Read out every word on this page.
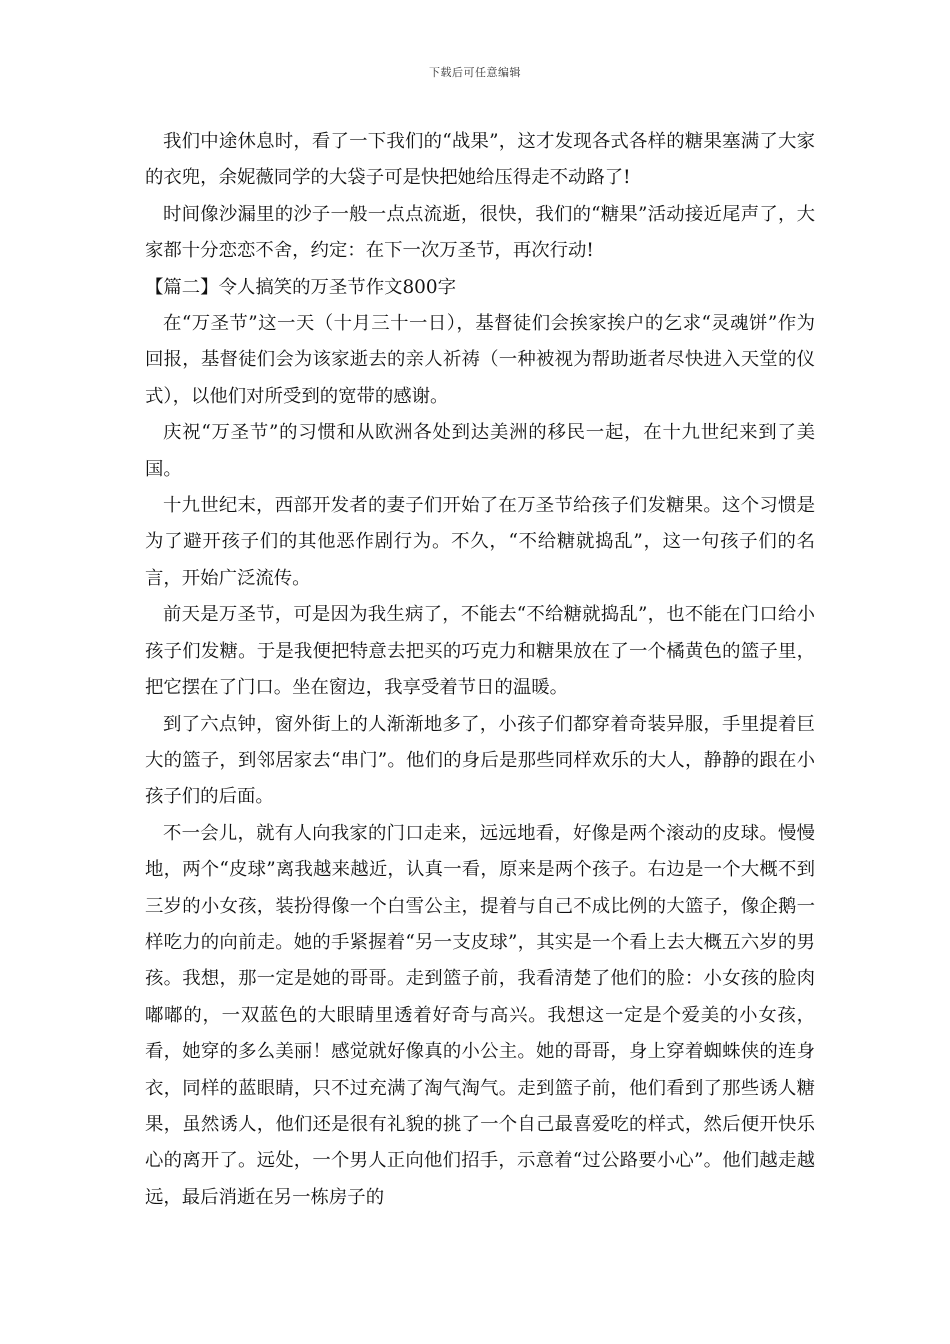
下载后可任意编辑

我们中途休息时，看了一下我们的“战果”，这才发现各式各样的糖果塞满了大家的衣兜，余妮薇同学的大袋子可是快把她给压得走不动路了!

时间像沙漏里的沙子一般一点点流逝，很快，我们的“糖果”活动接近尾声了，大家都十分恋恋不舍，约定：在下一次万圣节，再次行动!

【篇二】令人搞笑的万圣节作文800字

在“万圣节”这一天（十月三十一日），基督徒们会挨家挨户的乞求“灵魂饼”作为回报，基督徒们会为该家逝去的亲人祈祷（一种被视为帮助逝者尽快进入天堂的仪式），以他们对所受到的宽带的感谢。

庆祝“万圣节”的习惯和从欧洲各处到达美洲的移民一起，在十九世纪来到了美国。

十九世纪末，西部开发者的妻子们开始了在万圣节给孩子们发糖果。这个习惯是为了避开孩子们的其他恶作剧行为。不久，“不给糖就捣乱”，这一句孩子们的名言，开始广泛流传。

前天是万圣节，可是因为我生病了，不能去“不给糖就捣乱”，也不能在门口给小孩子们发糖。于是我便把特意去把买的巧克力和糖果放在了一个橘黄色的篮子里，把它摆在了门口。坐在窗边，我享受着节日的温暖。

到了六点钟，窗外街上的人渐渐地多了，小孩子们都穿着奇装异服，手里提着巨大的篮子，到邻居家去“串门”。他们的身后是那些同样欢乐的大人，静静的跟在小孩子们的后面。

不一会儿，就有人向我家的门口走来，远远地看，好像是两个滚动的皮球。慢慢地，两个“皮球”离我越来越近，认真一看，原来是两个孩子。右边是一个大概不到三岁的小女孩，装扮得像一个白雪公主，提着与自己不成比例的大篮子，像企鹅一样吃力的向前走。她的手紧握着“另一支皮球”，其实是一个看上去大概五六岁的男孩。我想，那一定是她的哥哥。走到篮子前，我看清楚了他们的脸：小女孩的脸肉嘟嘟的，一双蓝色的大眼睛里透着好奇与高兴。我想这一定是个爱美的小女孩，看，她穿的多么美丽！感觉就好像真的小公主。她的哥哥，身上穿着蜘蛛侠的连身衣，同样的蓝眼睛，只不过充满了淘气淘气。走到篮子前，他们看到了那些诱人糖果，虽然诱人，他们还是很有礼貌的挑了一个自己最喜爱吃的样式，然后便开快乐心的离开了。远处，一个男人正向他们招手，示意着“过公路要小心”。他们越走越远，最后消逝在另一栋房子的
